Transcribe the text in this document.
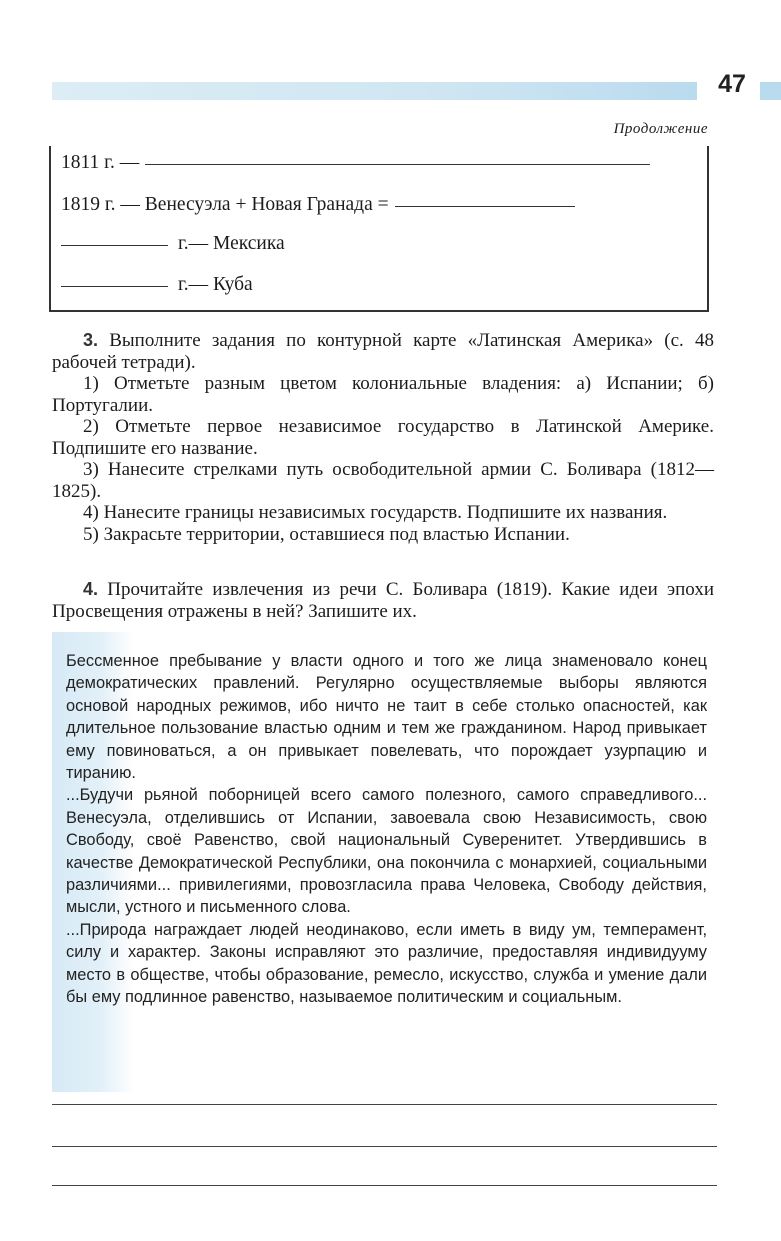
47
Продолжение
1811 г. —
1819 г. — Венесуэла + Новая Гранада =
г.— Мексика
г.— Куба

3. Выполните задания по контурной карте «Латинская Америка» (с. 48 рабочей тетради).

1) Отметьте разным цветом колониальные владения: а) Испании; б) Португалии.

2) Отметьте первое независимое государство в Латинской Америке. Подпишите его название.

3) Нанесите стрелками путь освободительной армии С. Боливара (1812—1825).

4) Нанесите границы независимых государств. Подпишите их названия.

5) Закрасьте территории, оставшиеся под властью Испании.

4. Прочитайте извлечения из речи С. Боливара (1819). Какие идеи эпохи Просвещения отражены в ней? Запишите их.

Бессменное пребывание у власти одного и того же лица знаменовало конец демократических правлений. Регулярно осуществляемые выборы являются основой народных режимов, ибо ничто не таит в себе столько опасностей, как длительное пользование властью одним и тем же гражданином. Народ привыкает ему повиноваться, а он привыкает повелевать, что порождает узурпацию и тиранию.

...Будучи рьяной поборницей всего самого полезного, самого справедливого... Венесуэла, отделившись от Испании, завоевала свою Независимость, свою Свободу, своё Равенство, свой национальный Суверенитет. Утвердившись в качестве Демократической Республики, она покончила с монархией, социальными различиями... привилегиями, провозгласила права Человека, Свободу действия, мысли, устного и письменного слова.

...Природа награждает людей неодинаково, если иметь в виду ум, темперамент, силу и характер. Законы исправляют это различие, предоставляя индивидууму место в обществе, чтобы образование, ремесло, искусство, служба и умение дали бы ему подлинное равенство, называемое политическим и социальным.
